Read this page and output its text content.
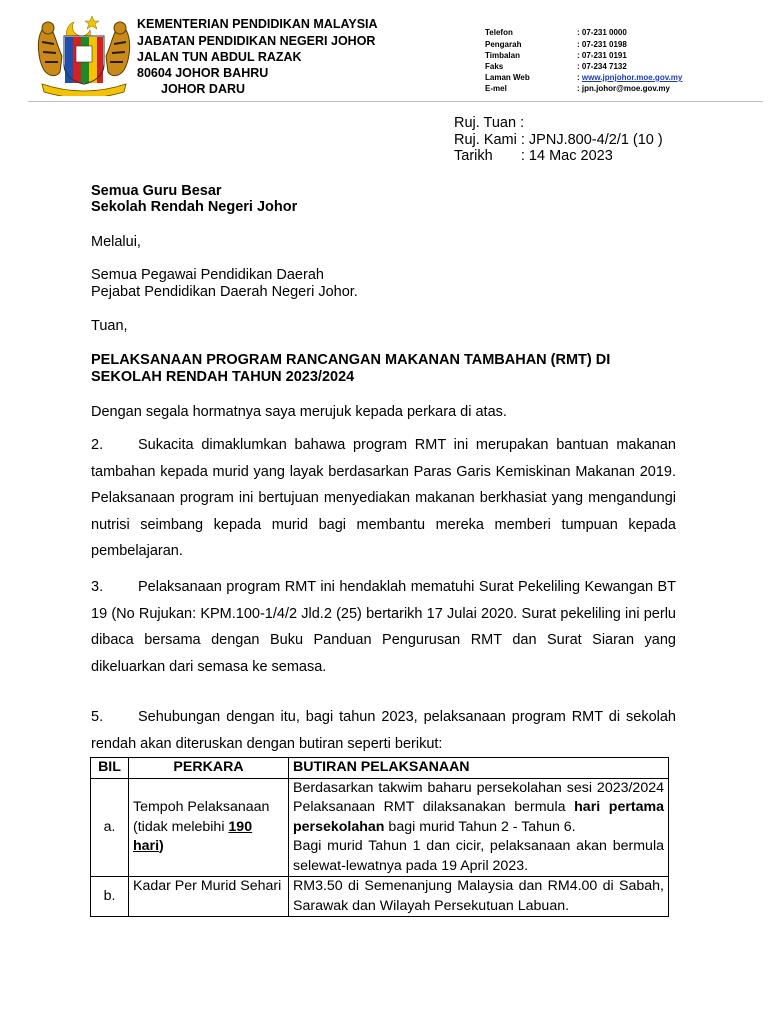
KEMENTERIAN PENDIDIKAN MALAYSIA
JABATAN PENDIDIKAN NEGERI JOHOR
JALAN TUN ABDUL RAZAK
80604 JOHOR BAHRU
JOHOR DARU
Telefon	: 07-231 0000
Pengarah	: 07-231 0198
Timbalan	: 07-231 0191
Faks	: 07-234 7132
Laman Web	: www.jpnjohor.moe.gov.my
E-mel	: jpn.johor@moe.gov.my
Ruj. Tuan :
Ruj. Kami : JPNJ.800-4/2/1 (10 )
Tarikh       : 14 Mac 2023
Semua Guru Besar
Sekolah Rendah Negeri Johor
Melalui,
Semua Pegawai Pendidikan Daerah
Pejabat Pendidikan Daerah Negeri Johor.
Tuan,
PELAKSANAAN PROGRAM RANCANGAN MAKANAN TAMBAHAN (RMT) DI
SEKOLAH RENDAH TAHUN 2023/2024
Dengan segala hormatnya saya merujuk kepada perkara di atas.
2. Sukacita dimaklumkan bahawa program RMT ini merupakan bantuan makanan tambahan kepada murid yang layak berdasarkan Paras Garis Kemiskinan Makanan 2019. Pelaksanaan program ini bertujuan menyediakan makanan berkhasiat yang mengandungi nutrisi seimbang kepada murid bagi membantu mereka memberi tumpuan kepada pembelajaran.
3. Pelaksanaan program RMT ini hendaklah mematuhi Surat Pekeliling Kewangan BT 19 (No Rujukan: KPM.100-1/4/2 Jld.2 (25) bertarikh 17 Julai 2020. Surat pekeliling ini perlu dibaca bersama dengan Buku Panduan Pengurusan RMT dan Surat Siaran yang dikeluarkan dari semasa ke semasa.
5. Sehubungan dengan itu, bagi tahun 2023, pelaksanaan program RMT di sekolah rendah akan diteruskan dengan butiran seperti berikut:
BIL	PERKARA	BUTIRAN PELAKSANAAN
a.	Tempoh Pelaksanaan (tidak melebihi 190 hari)	Berdasarkan takwim baharu persekolahan sesi 2023/2024 Pelaksanaan RMT dilaksanakan bermula hari pertama persekolahan bagi murid Tahun 2 - Tahun 6.
Bagi murid Tahun 1 dan cicir, pelaksanaan akan bermula selewat-lewatnya pada 19 April 2023.
b.	Kadar Per Murid Sehari	RM3.50 di Semenanjung Malaysia dan RM4.00 di Sabah, Sarawak dan Wilayah Persekutuan Labuan.
